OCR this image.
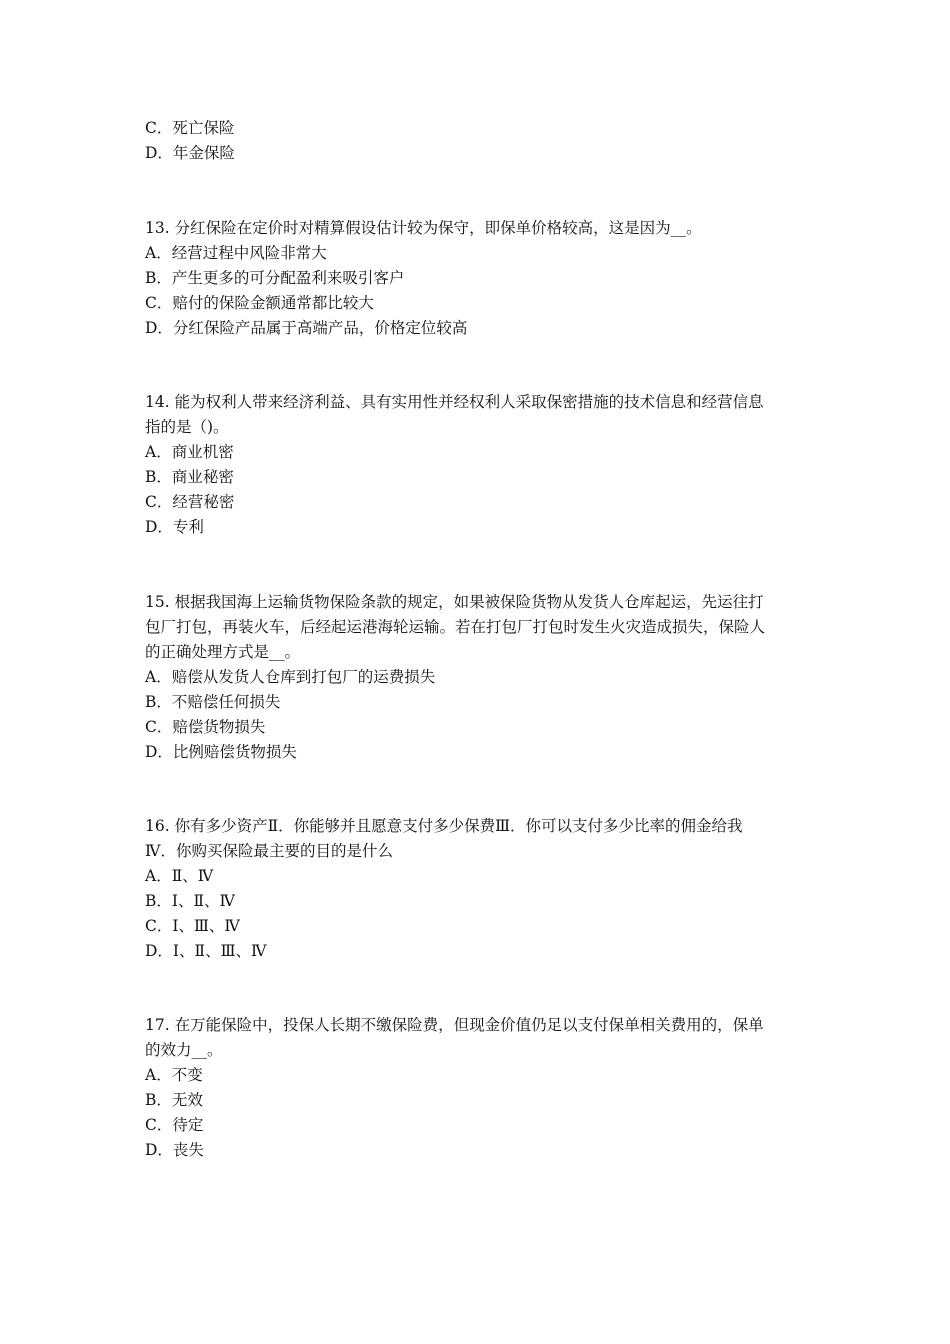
C．死亡保险
D．年金保险
13. 分红保险在定价时对精算假设估计较为保守，即保单价格较高，这是因为__。
A．经营过程中风险非常大
B．产生更多的可分配盈利来吸引客户
C．赔付的保险金额通常都比较大
D．分红保险产品属于高端产品，价格定位较高
14. 能为权利人带来经济利益、具有实用性并经权利人采取保密措施的技术信息和经营信息
指的是（)。
A．商业机密
B．商业秘密
C．经营秘密
D．专利
15. 根据我国海上运输货物保险条款的规定，如果被保险货物从发货人仓库起运，先运往打
包厂打包，再装火车，后经起运港海轮运输。若在打包厂打包时发生火灾造成损失，保险人
的正确处理方式是__。
A．赔偿从发货人仓库到打包厂的运费损失
B．不赔偿任何损失
C．赔偿货物损失
D．比例赔偿货物损失
16. 你有多少资产Ⅱ．你能够并且愿意支付多少保费Ⅲ．你可以支付多少比率的佣金给我
Ⅳ．你购买保险最主要的目的是什么
A．Ⅱ、Ⅳ
B．Ⅰ、Ⅱ、Ⅳ
C．Ⅰ、Ⅲ、Ⅳ
D．Ⅰ、Ⅱ、Ⅲ、Ⅳ
17. 在万能保险中，投保人长期不缴保险费，但现金价值仍足以支付保单相关费用的，保单
的效力__。
A．不变
B．无效
C．待定
D．丧失
